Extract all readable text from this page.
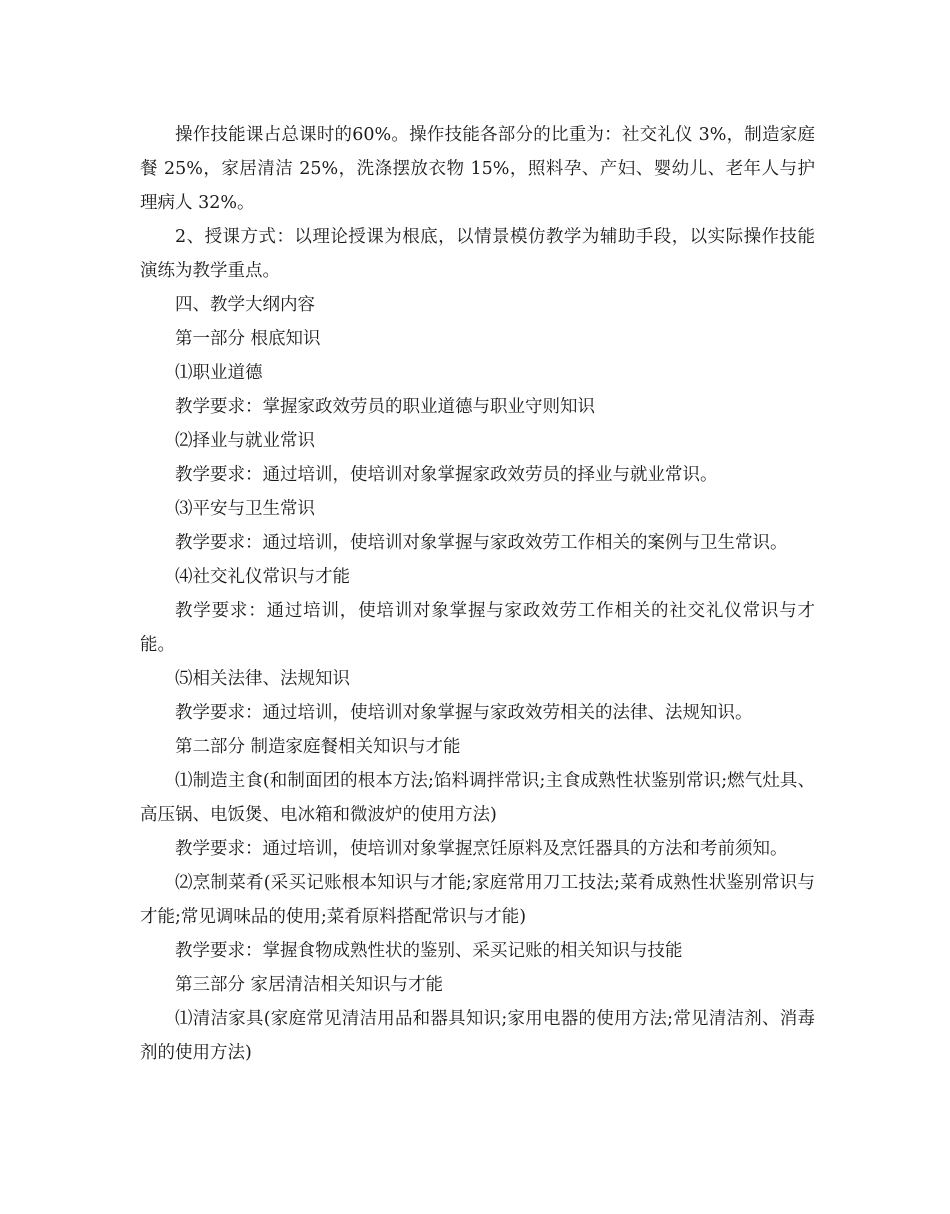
操作技能课占总课时的60%。操作技能各部分的比重为：社交礼仪 3%，制造家庭餐 25%，家居清洁 25%，洗涤摆放衣物 15%，照料孕、产妇、婴幼儿、老年人与护理病人 32%。

2、授课方式：以理论授课为根底，以情景模仿教学为辅助手段，以实际操作技能演练为教学重点。

四、教学大纲内容

第一部分 根底知识

⑴职业道德

教学要求：掌握家政效劳员的职业道德与职业守则知识

⑵择业与就业常识

教学要求：通过培训，使培训对象掌握家政效劳员的择业与就业常识。

⑶平安与卫生常识

教学要求：通过培训，使培训对象掌握与家政效劳工作相关的案例与卫生常识。

⑷社交礼仪常识与才能

教学要求：通过培训，使培训对象掌握与家政效劳工作相关的社交礼仪常识与才能。

⑸相关法律、法规知识

教学要求：通过培训，使培训对象掌握与家政效劳相关的法律、法规知识。

第二部分 制造家庭餐相关知识与才能

⑴制造主食(和制面团的根本方法;馅料调拌常识;主食成熟性状鉴别常识;燃气灶具、高压锅、电饭煲、电冰箱和微波炉的使用方法)

教学要求：通过培训，使培训对象掌握烹饪原料及烹饪器具的方法和考前须知。

⑵烹制菜肴(采买记账根本知识与才能;家庭常用刀工技法;菜肴成熟性状鉴别常识与才能;常见调味品的使用;菜肴原料搭配常识与才能)

教学要求：掌握食物成熟性状的鉴别、采买记账的相关知识与技能

第三部分 家居清洁相关知识与才能

⑴清洁家具(家庭常见清洁用品和器具知识;家用电器的使用方法;常见清洁剂、消毒剂的使用方法)
